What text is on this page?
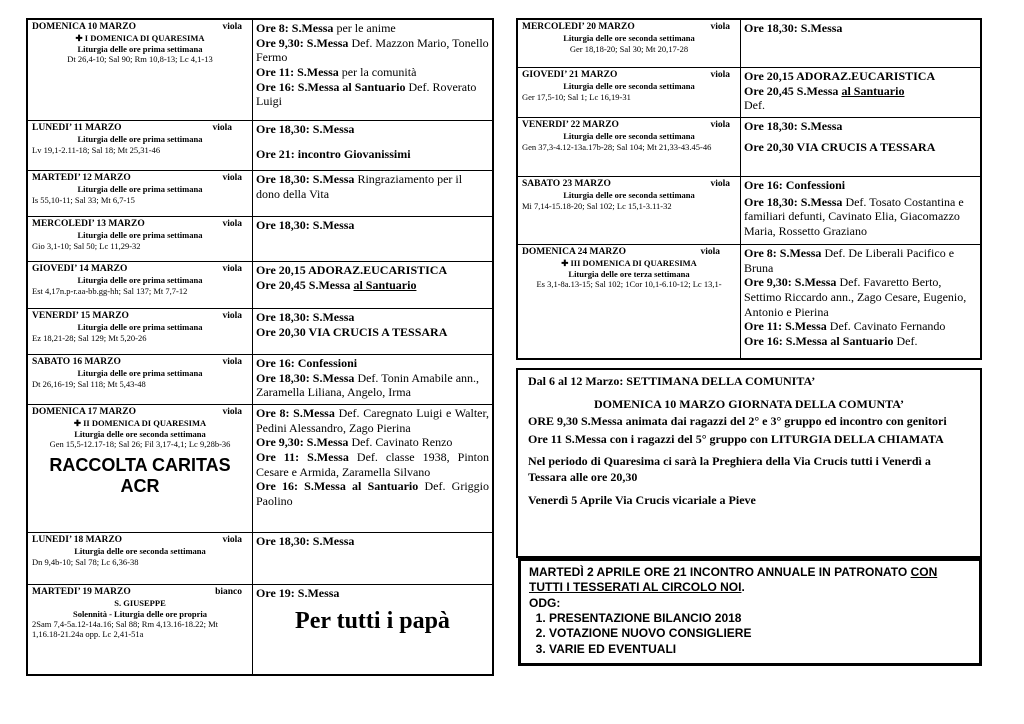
DOMENICA 10 MARZO	viola
✚ I DOMENICA DI QUARESIMA
Liturgia delle ore prima settimana
Dt 26,4-10; Sal 90; Rm 10,8-13; Lc 4,1-13
Ore 8: S.Messa per le anime
Ore 9,30: S.Messa Def. Mazzon Mario, Tonello Fermo
Ore 11: S.Messa per la comunità
Ore 16: S.Messa al Santuario Def. Roverato Luigi
LUNEDI’ 11 MARZO	viola
Liturgia delle ore prima settimana
Lv 19,1-2.11-18; Sal 18; Mt 25,31-46
Ore 18,30: S.Messa
Ore 21: incontro Giovanissimi
MARTEDI’ 12 MARZO	viola
Liturgia delle ore prima settimana
Is 55,10-11; Sal 33; Mt 6,7-15
Ore 18,30: S.Messa Ringraziamento per il dono della Vita
MERCOLEDI’ 13 MARZO	viola
Liturgia delle ore prima settimana
Gio 3,1-10; Sal 50; Lc 11,29-32
Ore 18,30: S.Messa
GIOVEDI’ 14 MARZO	viola
Liturgia delle ore prima settimana
Est 4,17n.p-r.aa-bb.gg-hh; Sal 137; Mt 7,7-12
Ore 20,15 ADORAZ.EUCARISTICA
Ore 20,45 S.Messa al Santuario
VENERDI’ 15 MARZO	viola
Liturgia delle ore prima settimana
Ez 18,21-28; Sal 129; Mt 5,20-26
Ore 18,30: S.Messa
Ore 20,30 VIA CRUCIS A TESSARA
SABATO 16 MARZO	viola
Liturgia delle ore prima settimana
Dt 26,16-19; Sal 118; Mt 5,43-48
Ore 16: Confessioni
Ore 18,30: S.Messa Def. Tonin Amabile ann., Zaramella Liliana, Angelo, Irma
DOMENICA 17 MARZO	viola
✚ II DOMENICA DI QUARESIMA
Liturgia delle ore seconda settimana
Gen 15,5-12.17-18; Sal 26; Fil 3,17-4,1; Lc 9,28b-36
RACCOLTA CARITAS ACR
Ore 8: S.Messa Def. Caregnato Luigi e Walter, Pedini Alessandro, Zago Pierina
Ore 9,30: S.Messa Def. Cavinato Renzo
Ore 11: S.Messa Def. classe 1938, Pinton Cesare e Armida, Zaramella Silvano
Ore 16: S.Messa al Santuario Def. Griggio Paolino
LUNEDI’ 18 MARZO	viola
Liturgia delle ore seconda settimana
Dn 9,4b-10; Sal 78; Lc 6,36-38
Ore 18,30: S.Messa
MARTEDI’ 19 MARZO	bianco
S. GIUSEPPE
Solennità - Liturgia delle ore propria
2Sam 7,4-5a.12-14a.16; Sal 88; Rm 4,13.16-18.22; Mt 1,16.18-21.24a opp. Lc 2,41-51a
Ore 19: S.Messa
Per tutti i papà
MERCOLEDI’ 20 MARZO	viola
Liturgia delle ore seconda settimana
Ger 18,18-20; Sal 30; Mt 20,17-28
Ore 18,30: S.Messa
GIOVEDI’ 21 MARZO	viola
Liturgia delle ore seconda settimana
Ger 17,5-10; Sal 1; Lc 16,19-31
Ore 20,15 ADORAZ.EUCARISTICA
Ore 20,45 S.Messa al Santuario
Def.
VENERDI’ 22 MARZO	viola
Liturgia delle ore seconda settimana
Gen 37,3-4.12-13a.17b-28; Sal 104; Mt 21,33-43.45-46
Ore 18,30: S.Messa
Ore 20,30 VIA CRUCIS A TESSARA
SABATO 23 MARZO	viola
Liturgia delle ore seconda settimana
Mi 7,14-15.18-20; Sal 102; Lc 15,1-3.11-32
Ore 16: Confessioni
Ore 18,30: S.Messa Def. Tosato Costantina e familiari defunti, Cavinato Elia, Giacomazzo Maria, Rossetto Graziano
DOMENICA 24 MARZO	viola
✚ III DOMENICA DI QUARESIMA
Liturgia delle ore terza settimana
Es 3,1-8a.13-15; Sal 102; 1Cor 10,1-6.10-12; Lc 13,1-
Ore 8: S.Messa Def. De Liberali Pacifico e Bruna
Ore 9,30: S.Messa Def. Favaretto Berto, Settimo Riccardo ann., Zago Cesare, Eugenio, Antonio e Pierina
Ore 11: S.Messa Def. Cavinato Fernando
Ore 16: S.Messa al Santuario Def.

Dal 6 al 12 Marzo: SETTIMANA DELLA COMUNITA’

DOMENICA 10 MARZO GIORNATA DELLA COMUNTA’

ORE 9,30 S.Messa animata dai ragazzi del 2° e 3° gruppo ed incontro con genitori

Ore 11 S.Messa con i ragazzi del 5° gruppo con LITURGIA DELLA CHIAMATA

Nel periodo di Quaresima ci sarà la Preghiera della Via Crucis tutti i Venerdì a Tessara alle ore 20,30

Venerdì 5 Aprile Via Crucis vicariale a Pieve

MARTEDÌ 2 APRILE ORE 21 INCONTRO ANNUALE IN PATRONATO CON TUTTI I TESSERATI AL CIRCOLO NOI.
ODG:
1. PRESENTAZIONE BILANCIO 2018
2. VOTAZIONE NUOVO CONSIGLIERE
3. VARIE ED EVENTUALI
